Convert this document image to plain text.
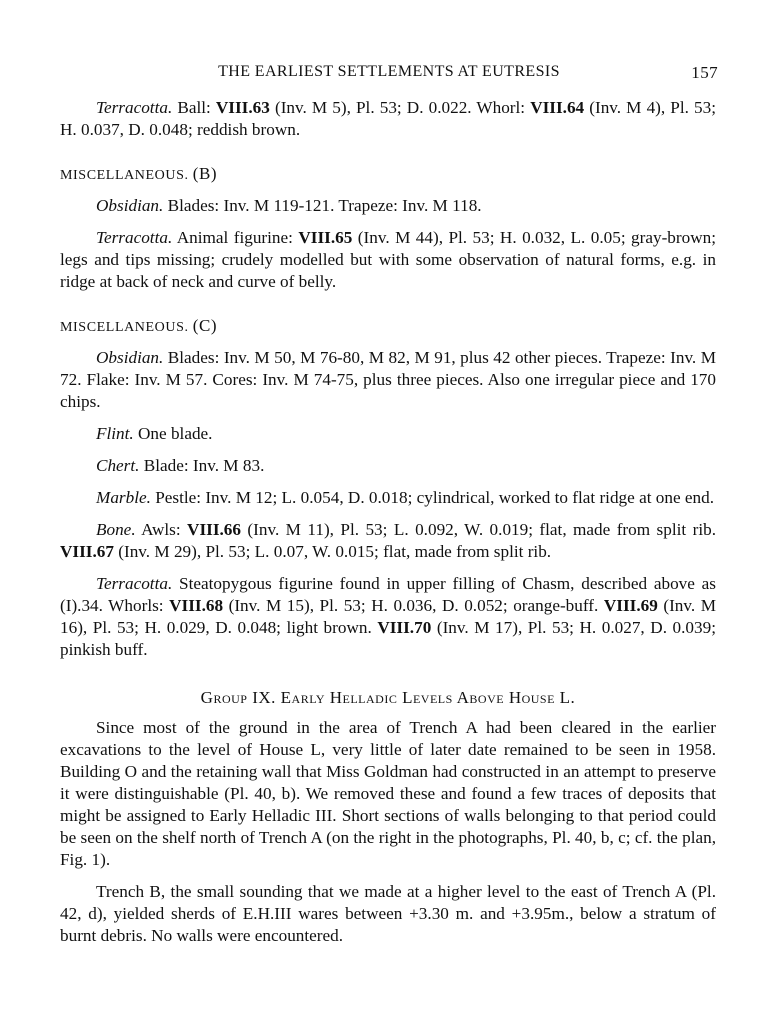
THE EARLIEST SETTLEMENTS AT EUTRESIS	157

Terracotta. Ball: VIII.63 (Inv. M 5), Pl. 53; D. 0.022. Whorl: VIII.64 (Inv. M 4), Pl. 53; H. 0.037, D. 0.048; reddish brown.

MISCELLANEOUS. (B)

Obsidian. Blades: Inv. M 119-121. Trapeze: Inv. M 118.

Terracotta. Animal figurine: VIII.65 (Inv. M 44), Pl. 53; H. 0.032, L. 0.05; gray-brown; legs and tips missing; crudely modelled but with some observation of natural forms, e.g. in ridge at back of neck and curve of belly.

MISCELLANEOUS. (C)

Obsidian. Blades: Inv. M 50, M 76-80, M 82, M 91, plus 42 other pieces. Trapeze: Inv. M 72. Flake: Inv. M 57. Cores: Inv. M 74-75, plus three pieces. Also one irregular piece and 170 chips.

Flint. One blade.

Chert. Blade: Inv. M 83.

Marble. Pestle: Inv. M 12; L. 0.054, D. 0.018; cylindrical, worked to flat ridge at one end.

Bone. Awls: VIII.66 (Inv. M 11), Pl. 53; L. 0.092, W. 0.019; flat, made from split rib. VIII.67 (Inv. M 29), Pl. 53; L. 0.07, W. 0.015; flat, made from split rib.

Terracotta. Steatopygous figurine found in upper filling of Chasm, described above as (I).34. Whorls: VIII.68 (Inv. M 15), Pl. 53; H. 0.036, D. 0.052; orange-buff. VIII.69 (Inv. M 16), Pl. 53; H. 0.029, D. 0.048; light brown. VIII.70 (Inv. M 17), Pl. 53; H. 0.027, D. 0.039; pinkish buff.

Group IX. Early Helladic Levels Above House L.

Since most of the ground in the area of Trench A had been cleared in the earlier excavations to the level of House L, very little of later date remained to be seen in 1958. Building O and the retaining wall that Miss Goldman had constructed in an attempt to preserve it were distinguishable (Pl. 40, b). We removed these and found a few traces of deposits that might be assigned to Early Helladic III. Short sections of walls belonging to that period could be seen on the shelf north of Trench A (on the right in the photographs, Pl. 40, b, c; cf. the plan, Fig. 1).

Trench B, the small sounding that we made at a higher level to the east of Trench A (Pl. 42, d), yielded sherds of E.H.III wares between +3.30 m. and +3.95m., below a stratum of burnt debris. No walls were encountered.
